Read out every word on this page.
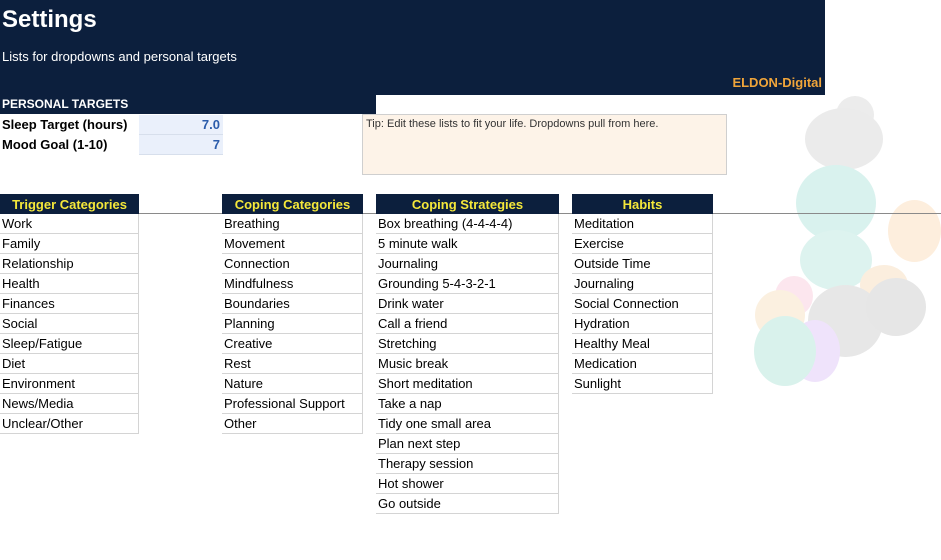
Settings
Lists for dropdowns and personal targets
ELDON-Digital
PERSONAL TARGETS
Sleep Target (hours)	7.0
Mood Goal (1-10)	7
Tip: Edit these lists to fit your life. Dropdowns pull from here.
Trigger Categories
Work
Family
Relationship
Health
Finances
Social
Sleep/Fatigue
Diet
Environment
News/Media
Unclear/Other
Coping Categories
Breathing
Movement
Connection
Mindfulness
Boundaries
Planning
Creative
Rest
Nature
Professional Support
Other
Coping Strategies
Box breathing (4-4-4-4)
5 minute walk
Journaling
Grounding 5-4-3-2-1
Drink water
Call a friend
Stretching
Music break
Short meditation
Take a nap
Tidy one small area
Plan next step
Therapy session
Hot shower
Go outside
Habits
Meditation
Exercise
Outside Time
Journaling
Social Connection
Hydration
Healthy Meal
Medication
Sunlight
